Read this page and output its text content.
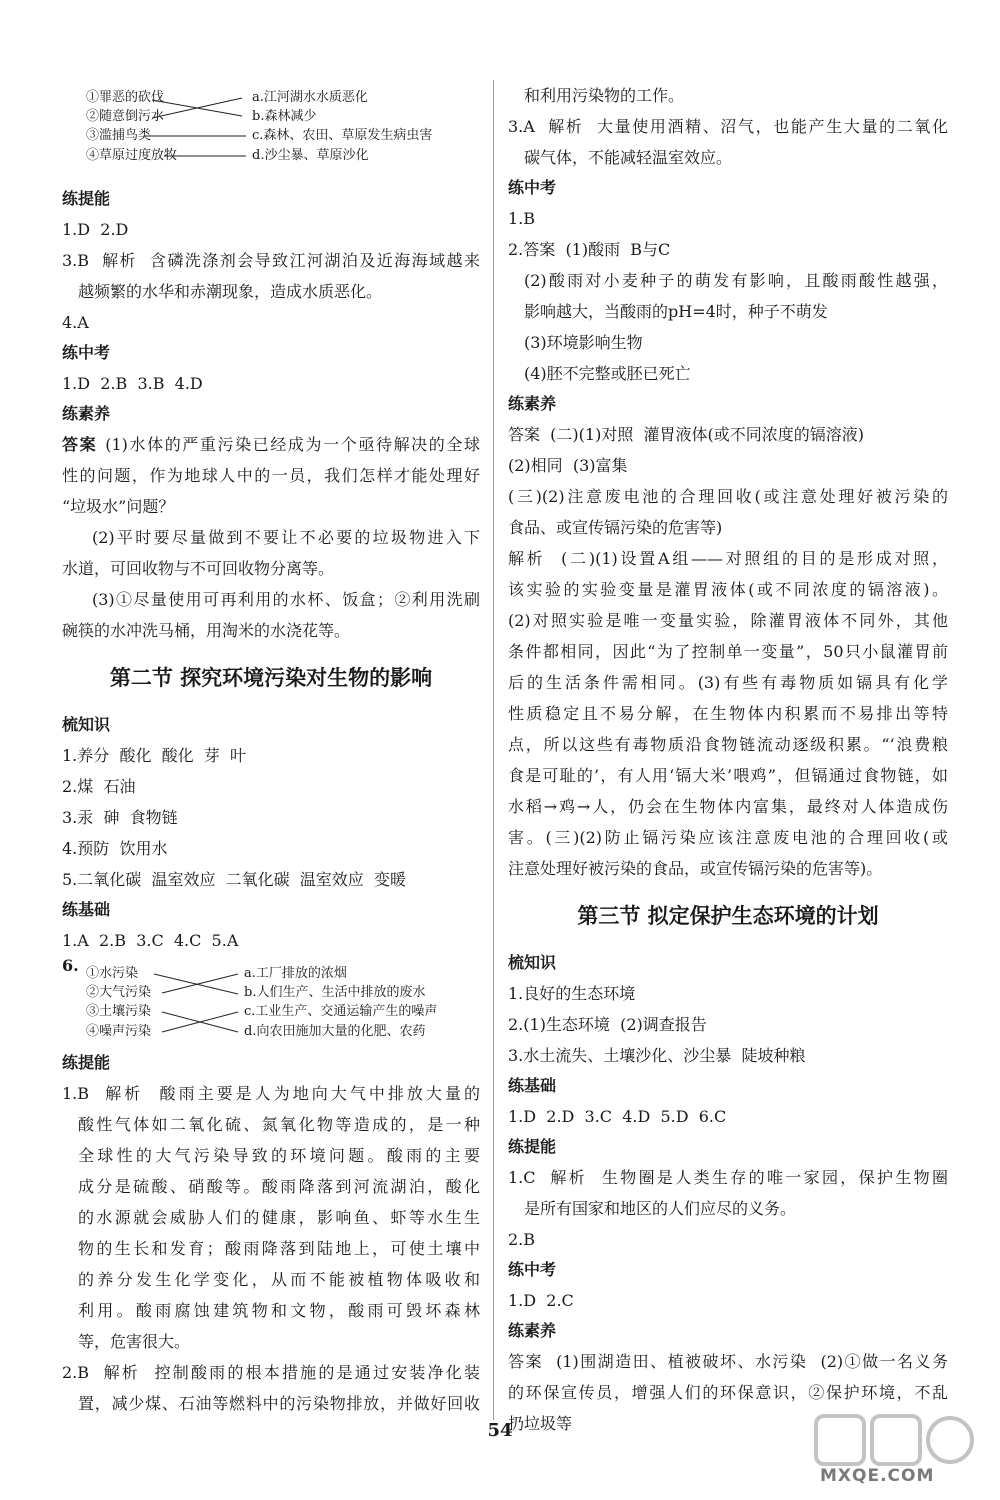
①罪恶的砍伐
②随意倒污水
③滥捕鸟类
④草原过度放牧
a.江河湖水水质恶化
b.森林减少
c.森林、农田、草原发生病虫害
d.沙尘暴、草原沙化
练提能
1.D  2.D
3.B  解析  含磷洗涤剂会导致江河湖泊及近海海域越来
越频繁的水华和赤潮现象，造成水质恶化。
4.A
练中考
1.D  2.B  3.B  4.D
练素养
答案 (1)水体的严重污染已经成为一个亟待解决的全球
性的问题，作为地球人中的一员，我们怎样才能处理好
“垃圾水”问题？
(2)平时要尽量做到不要让不必要的垃圾物进入下
水道，可回收物与不可回收物分离等。
(3)①尽量使用可再利用的水杯、饭盒；②利用洗刷
碗筷的水冲洗马桶，用淘米的水浇花等。
第二节 探究环境污染对生物的影响
梳知识
1.养分  酸化  酸化  芽  叶
2.煤  石油
3.汞  砷  食物链
4.预防  饮用水
5.二氧化碳  温室效应  二氧化碳  温室效应  变暖
练基础
1.A  2.B  3.C  4.C  5.A
6. ①水污染
②大气污染
③土壤污染
④噪声污染
a.工厂排放的浓烟
b.人们生产、生活中排放的废水
c.工业生产、交通运输产生的噪声
d.向农田施加大量的化肥、农药
练提能
1.B  解析  酸雨主要是人为地向大气中排放大量的
酸性气体如二氧化硫、氮氧化物等造成的，是一种
全球性的大气污染导致的环境问题。酸雨的主要
成分是硫酸、硝酸等。酸雨降落到河流湖泊，酸化
的水源就会威胁人们的健康，影响鱼、虾等水生生
物的生长和发育；酸雨降落到陆地上，可使土壤中
的养分发生化学变化，从而不能被植物体吸收和
利用。酸雨腐蚀建筑物和文物，酸雨可毁坏森林
等，危害很大。
2.B  解析  控制酸雨的根本措施的是通过安装净化装
置，减少煤、石油等燃料中的污染物排放，并做好回收
和利用污染物的工作。
3.A  解析  大量使用酒精、沼气，也能产生大量的二氧化
碳气体，不能减轻温室效应。
练中考
1.B
2.答案  (1)酸雨  B与C
(2)酸雨对小麦种子的萌发有影响，且酸雨酸性越强，
影响越大，当酸雨的pH=4时，种子不萌发
(3)环境影响生物
(4)胚不完整或胚已死亡
练素养
答案  (二)(1)对照  灌胃液体(或不同浓度的镉溶液)
(2)相同  (3)富集
(三)(2)注意废电池的合理回收(或注意处理好被污染的
食品、或宣传镉污染的危害等)
解析  (二)(1)设置A组——对照组的目的是形成对照，
该实验的实验变量是灌胃液体(或不同浓度的镉溶液)。
(2)对照实验是唯一变量实验，除灌胃液体不同外，其他
条件都相同，因此“为了控制单一变量”，50只小鼠灌胃前
后的生活条件需相同。(3)有些有毒物质如镉具有化学
性质稳定且不易分解，在生物体内积累而不易排出等特
点，所以这些有毒物质沿食物链流动逐级积累。“‘浪费粮
食是可耻的’，有人用‘镉大米’喂鸡”，但镉通过食物链，如
水稻→鸡→人，仍会在生物体内富集，最终对人体造成伤
害。(三)(2)防止镉污染应该注意废电池的合理回收(或
注意处理好被污染的食品，或宣传镉污染的危害等)。
第三节 拟定保护生态环境的计划
梳知识
1.良好的生态环境
2.(1)生态环境  (2)调查报告
3.水土流失、土壤沙化、沙尘暴  陡坡种粮
练基础
1.D  2.D  3.C  4.D  5.D  6.C
练提能
1.C  解析  生物圈是人类生存的唯一家园，保护生物圈
是所有国家和地区的人们应尽的义务。
2.B
练中考
1.D  2.C
练素养
答案  (1)围湖造田、植被破坏、水污染  (2)①做一名义务
的环保宣传员，增强人们的环保意识，②保护环境，不乱
扔垃圾等
54
MXQE.COM
